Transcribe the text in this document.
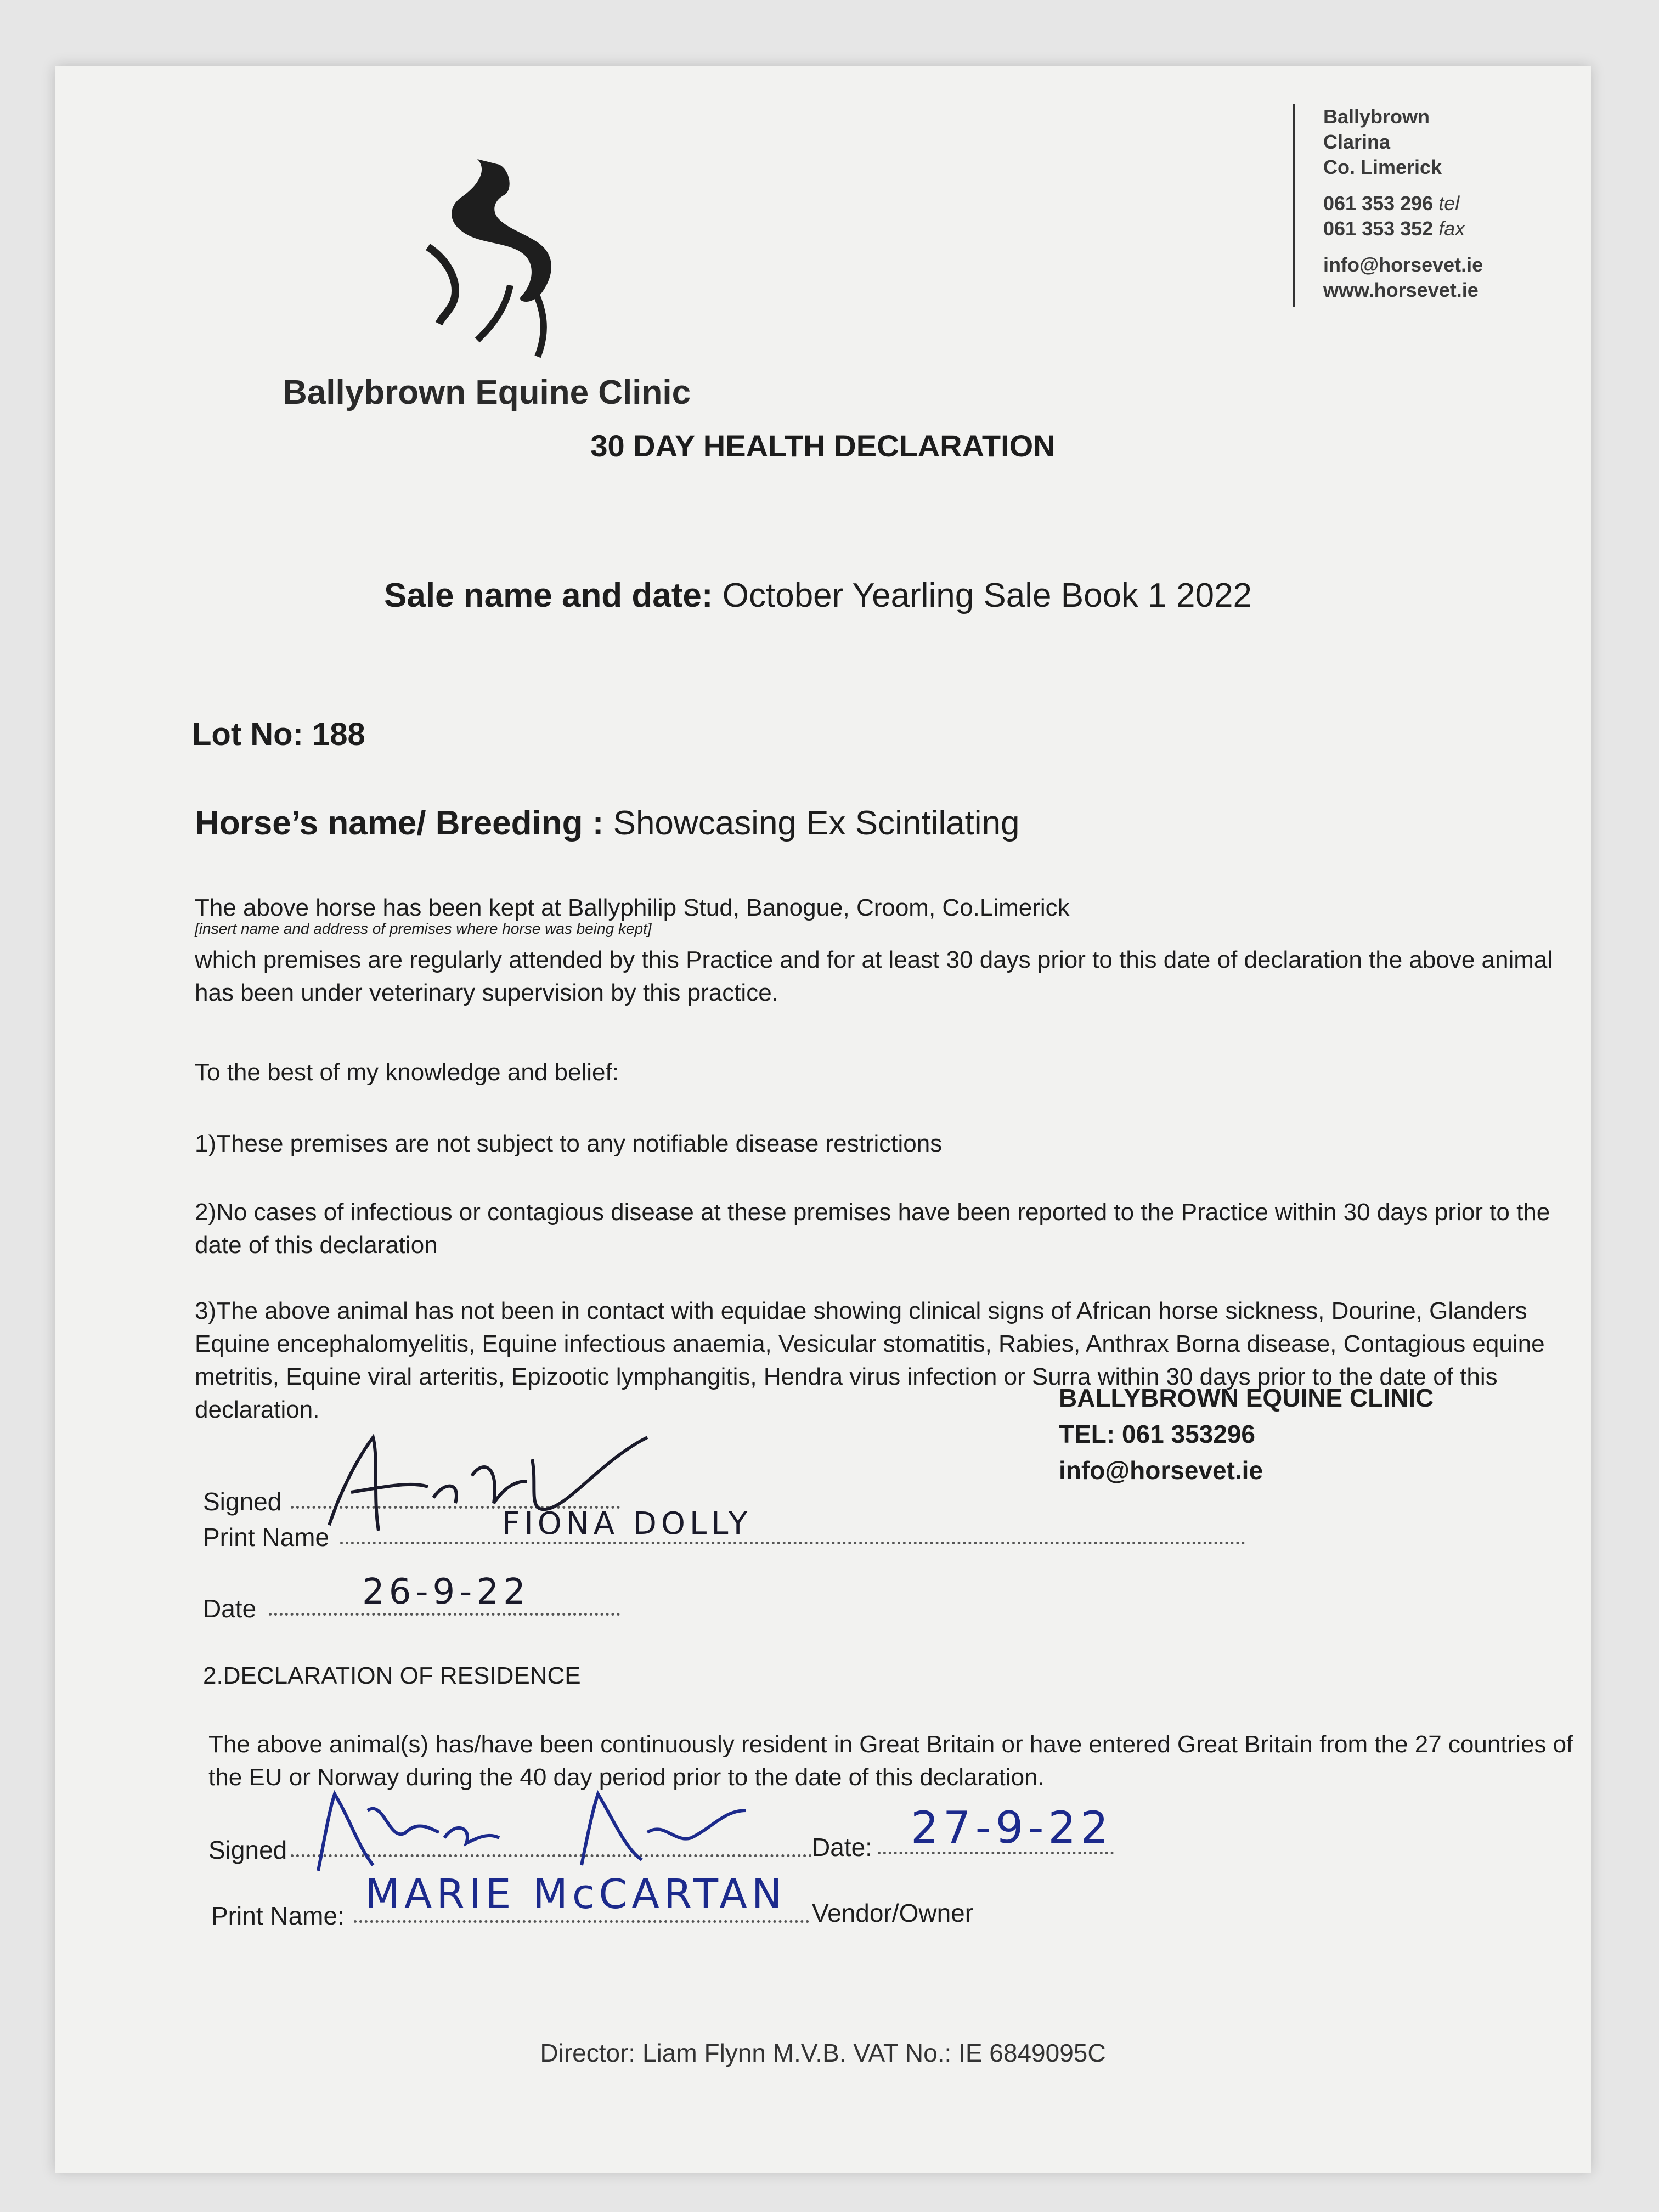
Ballybrown Equine Clinic
Ballybrown
Clarina
Co. Limerick
061 353 296 tel
061 353 352 fax
info@horsevet.ie
www.horsevet.ie
30 DAY HEALTH DECLARATION
Sale name and date: October Yearling Sale Book 1 2022
Lot No: 188
Horse’s name/ Breeding : Showcasing Ex Scintilating
The above horse has been kept at Ballyphilip Stud, Banogue, Croom, Co.Limerick
[insert name and address of premises where horse was being kept]
which premises are regularly attended by this Practice and for at least 30 days prior to this date of declaration the above animal has been under veterinary supervision by this practice.
To the best of my knowledge and belief:
1)These premises are not subject to any notifiable disease restrictions
2)No cases of infectious or contagious disease at these premises have been reported to the Practice within 30 days prior to the date of this declaration
3)The above animal has not been in contact with equidae showing clinical signs of African horse sickness, Dourine, Glanders Equine encephalomyelitis, Equine infectious anaemia, Vesicular stomatitis, Rabies, Anthrax Borna disease, Contagious equine metritis, Equine viral arteritis, Epizootic lymphangitis, Hendra virus infection or Surra within 30 days prior to the date of this declaration.	BALLYBROWN EQUINE CLINIC
TEL: 061 353296
info@horsevet.ie
Signed
Print Name	FIONA DOLLY
Date	26-9-22
2.DECLARATION OF RESIDENCE
The above animal(s) has/have been continuously resident in Great Britain or have entered Great Britain from the 27 countries of the EU or Norway during the 40 day period prior to the date of this declaration.
Signed	Date: 27-9-22
Print Name: MARIE McCARTAN Vendor/Owner
Director: Liam Flynn M.V.B. VAT No.: IE 6849095C
